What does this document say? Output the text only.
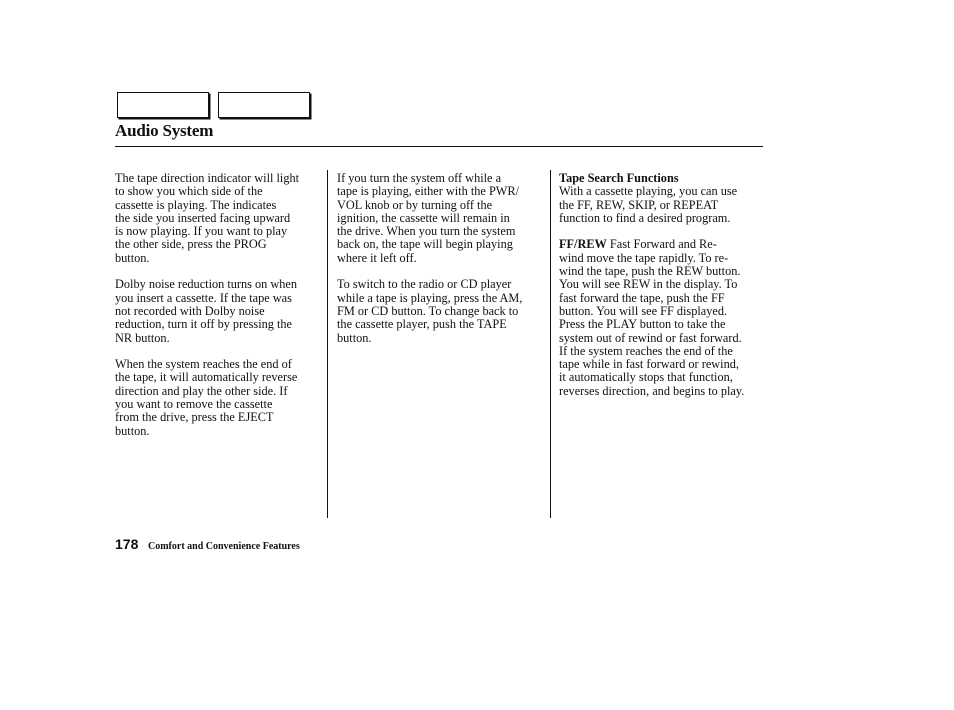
Audio System

The tape direction indicator will light
to show you which side of the
cassette is playing. The indicates
the side you inserted facing upward
is now playing. If you want to play
the other side, press the PROG
button.

Dolby noise reduction turns on when
you insert a cassette. If the tape was
not recorded with Dolby noise
reduction, turn it off by pressing the
NR button.

When the system reaches the end of
the tape, it will automatically reverse
direction and play the other side. If
you want to remove the cassette
from the drive, press the EJECT
button.

If you turn the system off while a
tape is playing, either with the PWR/
VOL knob or by turning off the
ignition, the cassette will remain in
the drive. When you turn the system
back on, the tape will begin playing
where it left off.

To switch to the radio or CD player
while a tape is playing, press the AM,
FM or CD button. To change back to
the cassette player, push the TAPE
button.

Tape Search Functions

With a cassette playing, you can use
the FF, REW, SKIP, or REPEAT
function to find a desired program.

FF/REW Fast Forward and Re-
wind move the tape rapidly. To re-
wind the tape, push the REW button.
You will see REW in the display. To
fast forward the tape, push the FF
button. You will see FF displayed.
Press the PLAY button to take the
system out of rewind or fast forward.
If the system reaches the end of the
tape while in fast forward or rewind,
it automatically stops that function,
reverses direction, and begins to play.

178 Comfort and Convenience Features
